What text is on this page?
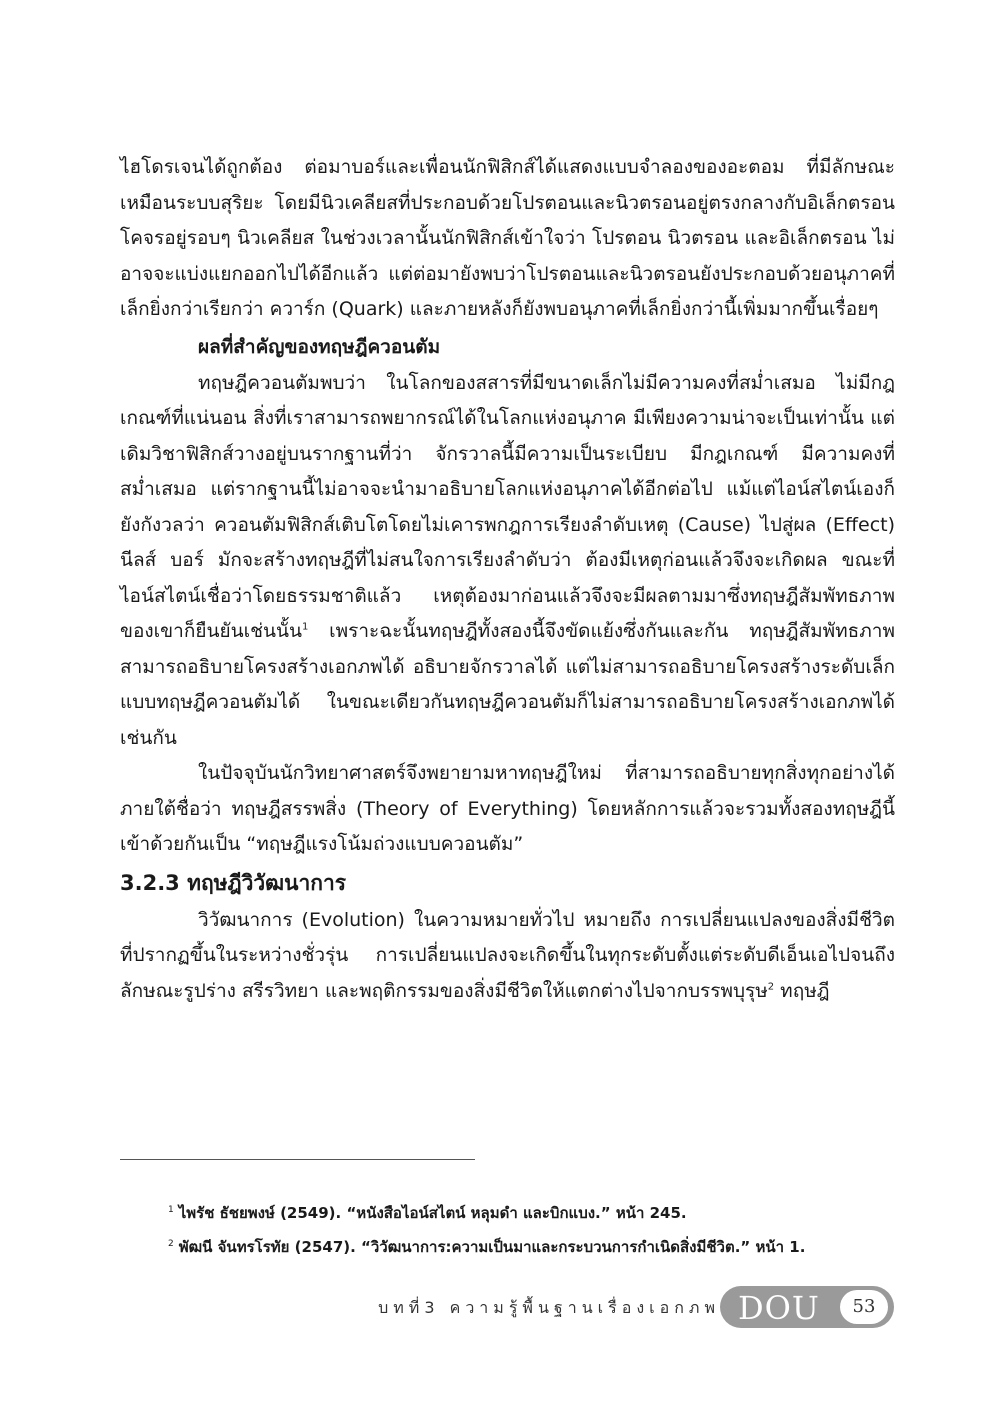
ไฮโดรเจนได้ถูกต้อง ต่อมาบอร์และเพื่อนนักฟิสิกส์ได้แสดงแบบจำลองของอะตอม ที่มีลักษณะเหมือนระบบสุริยะ โดยมีนิวเคลียสที่ประกอบด้วยโปรตอนและนิวตรอนอยู่ตรงกลางกับอิเล็กตรอนโคจรอยู่รอบๆ นิวเคลียส ในช่วงเวลานั้นนักฟิสิกส์เข้าใจว่า โปรตอน นิวตรอน และอิเล็กตรอน ไม่อาจจะแบ่งแยกออกไปได้อีกแล้ว แต่ต่อมายังพบว่าโปรตอนและนิวตรอนยังประกอบด้วยอนุภาคที่เล็กยิ่งกว่าเรียกว่า ควาร์ก (Quark) และภายหลังก็ยังพบอนุภาคที่เล็กยิ่งกว่านี้เพิ่มมากขึ้นเรื่อยๆ

ผลที่สำคัญของทฤษฎีควอนตัม

ทฤษฎีควอนตัมพบว่า ในโลกของสสารที่มีขนาดเล็กไม่มีความคงที่สม่ำเสมอ ไม่มีกฎเกณฑ์ที่แน่นอน สิ่งที่เราสามารถพยากรณ์ได้ในโลกแห่งอนุภาค มีเพียงความน่าจะเป็นเท่านั้น แต่เดิมวิชาฟิสิกส์วางอยู่บนรากฐานที่ว่า จักรวาลนี้มีความเป็นระเบียบ มีกฎเกณฑ์ มีความคงที่สม่ำเสมอ แต่รากฐานนี้ไม่อาจจะนำมาอธิบายโลกแห่งอนุภาคได้อีกต่อไป แม้แต่ไอน์สไตน์เองก็ยังกังวลว่า ควอนตัมฟิสิกส์เติบโตโดยไม่เคารพกฎการเรียงลำดับเหตุ (Cause) ไปสู่ผล (Effect) นีลส์ บอร์ มักจะสร้างทฤษฎีที่ไม่สนใจการเรียงลำดับว่า ต้องมีเหตุก่อนแล้วจึงจะเกิดผล ขณะที่ไอน์สไตน์เชื่อว่าโดยธรรมชาติแล้ว เหตุต้องมาก่อนแล้วจึงจะมีผลตามมาซึ่งทฤษฎีสัมพัทธภาพของเขาก็ยืนยันเช่นนั้น$^1$ เพราะฉะนั้นทฤษฎีทั้งสองนี้จึงขัดแย้งซึ่งกันและกัน ทฤษฎีสัมพัทธภาพสามารถอธิบายโครงสร้างเอกภพได้ อธิบายจักรวาลได้ แต่ไม่สามารถอธิบายโครงสร้างระดับเล็กแบบทฤษฎีควอนตัมได้ ในขณะเดียวกันทฤษฎีควอนตัมก็ไม่สามารถอธิบายโครงสร้างเอกภพได้เช่นกัน

ในปัจจุบันนักวิทยาศาสตร์จึงพยายามหาทฤษฎีใหม่ ที่สามารถอธิบายทุกสิ่งทุกอย่างได้ ภายใต้ชื่อว่า ทฤษฎีสรรพสิ่ง (Theory of Everything) โดยหลักการแล้วจะรวมทั้งสองทฤษฎีนี้เข้าด้วยกันเป็น “ทฤษฎีแรงโน้มถ่วงแบบควอนตัม”

3.2.3 ทฤษฎีวิวัฒนาการ

วิวัฒนาการ (Evolution) ในความหมายทั่วไป หมายถึง การเปลี่ยนแปลงของสิ่งมีชีวิตที่ปรากฏขึ้นในระหว่างชั่วรุ่น การเปลี่ยนแปลงจะเกิดขึ้นในทุกระดับตั้งแต่ระดับดีเอ็นเอไปจนถึงลักษณะรูปร่าง สรีรวิทยา และพฤติกรรมของสิ่งมีชีวิตให้แตกต่างไปจากบรรพบุรุษ$^2$ ทฤษฎี

$^1$ ไพรัช ธัชยพงษ์ (2549). “หนังสือไอน์สไตน์ หลุมดำ และบิกแบง.” หน้า 245.

$^2$ พัฒนี จันทรโรทัย (2547). “วิวัฒนาการ:ความเป็นมาและกระบวนการกำเนิดสิ่งมีชีวิต.” หน้า 1.

บทที่3 ความรู้พื้นฐานเรื่องเอกภพ DOU	53
